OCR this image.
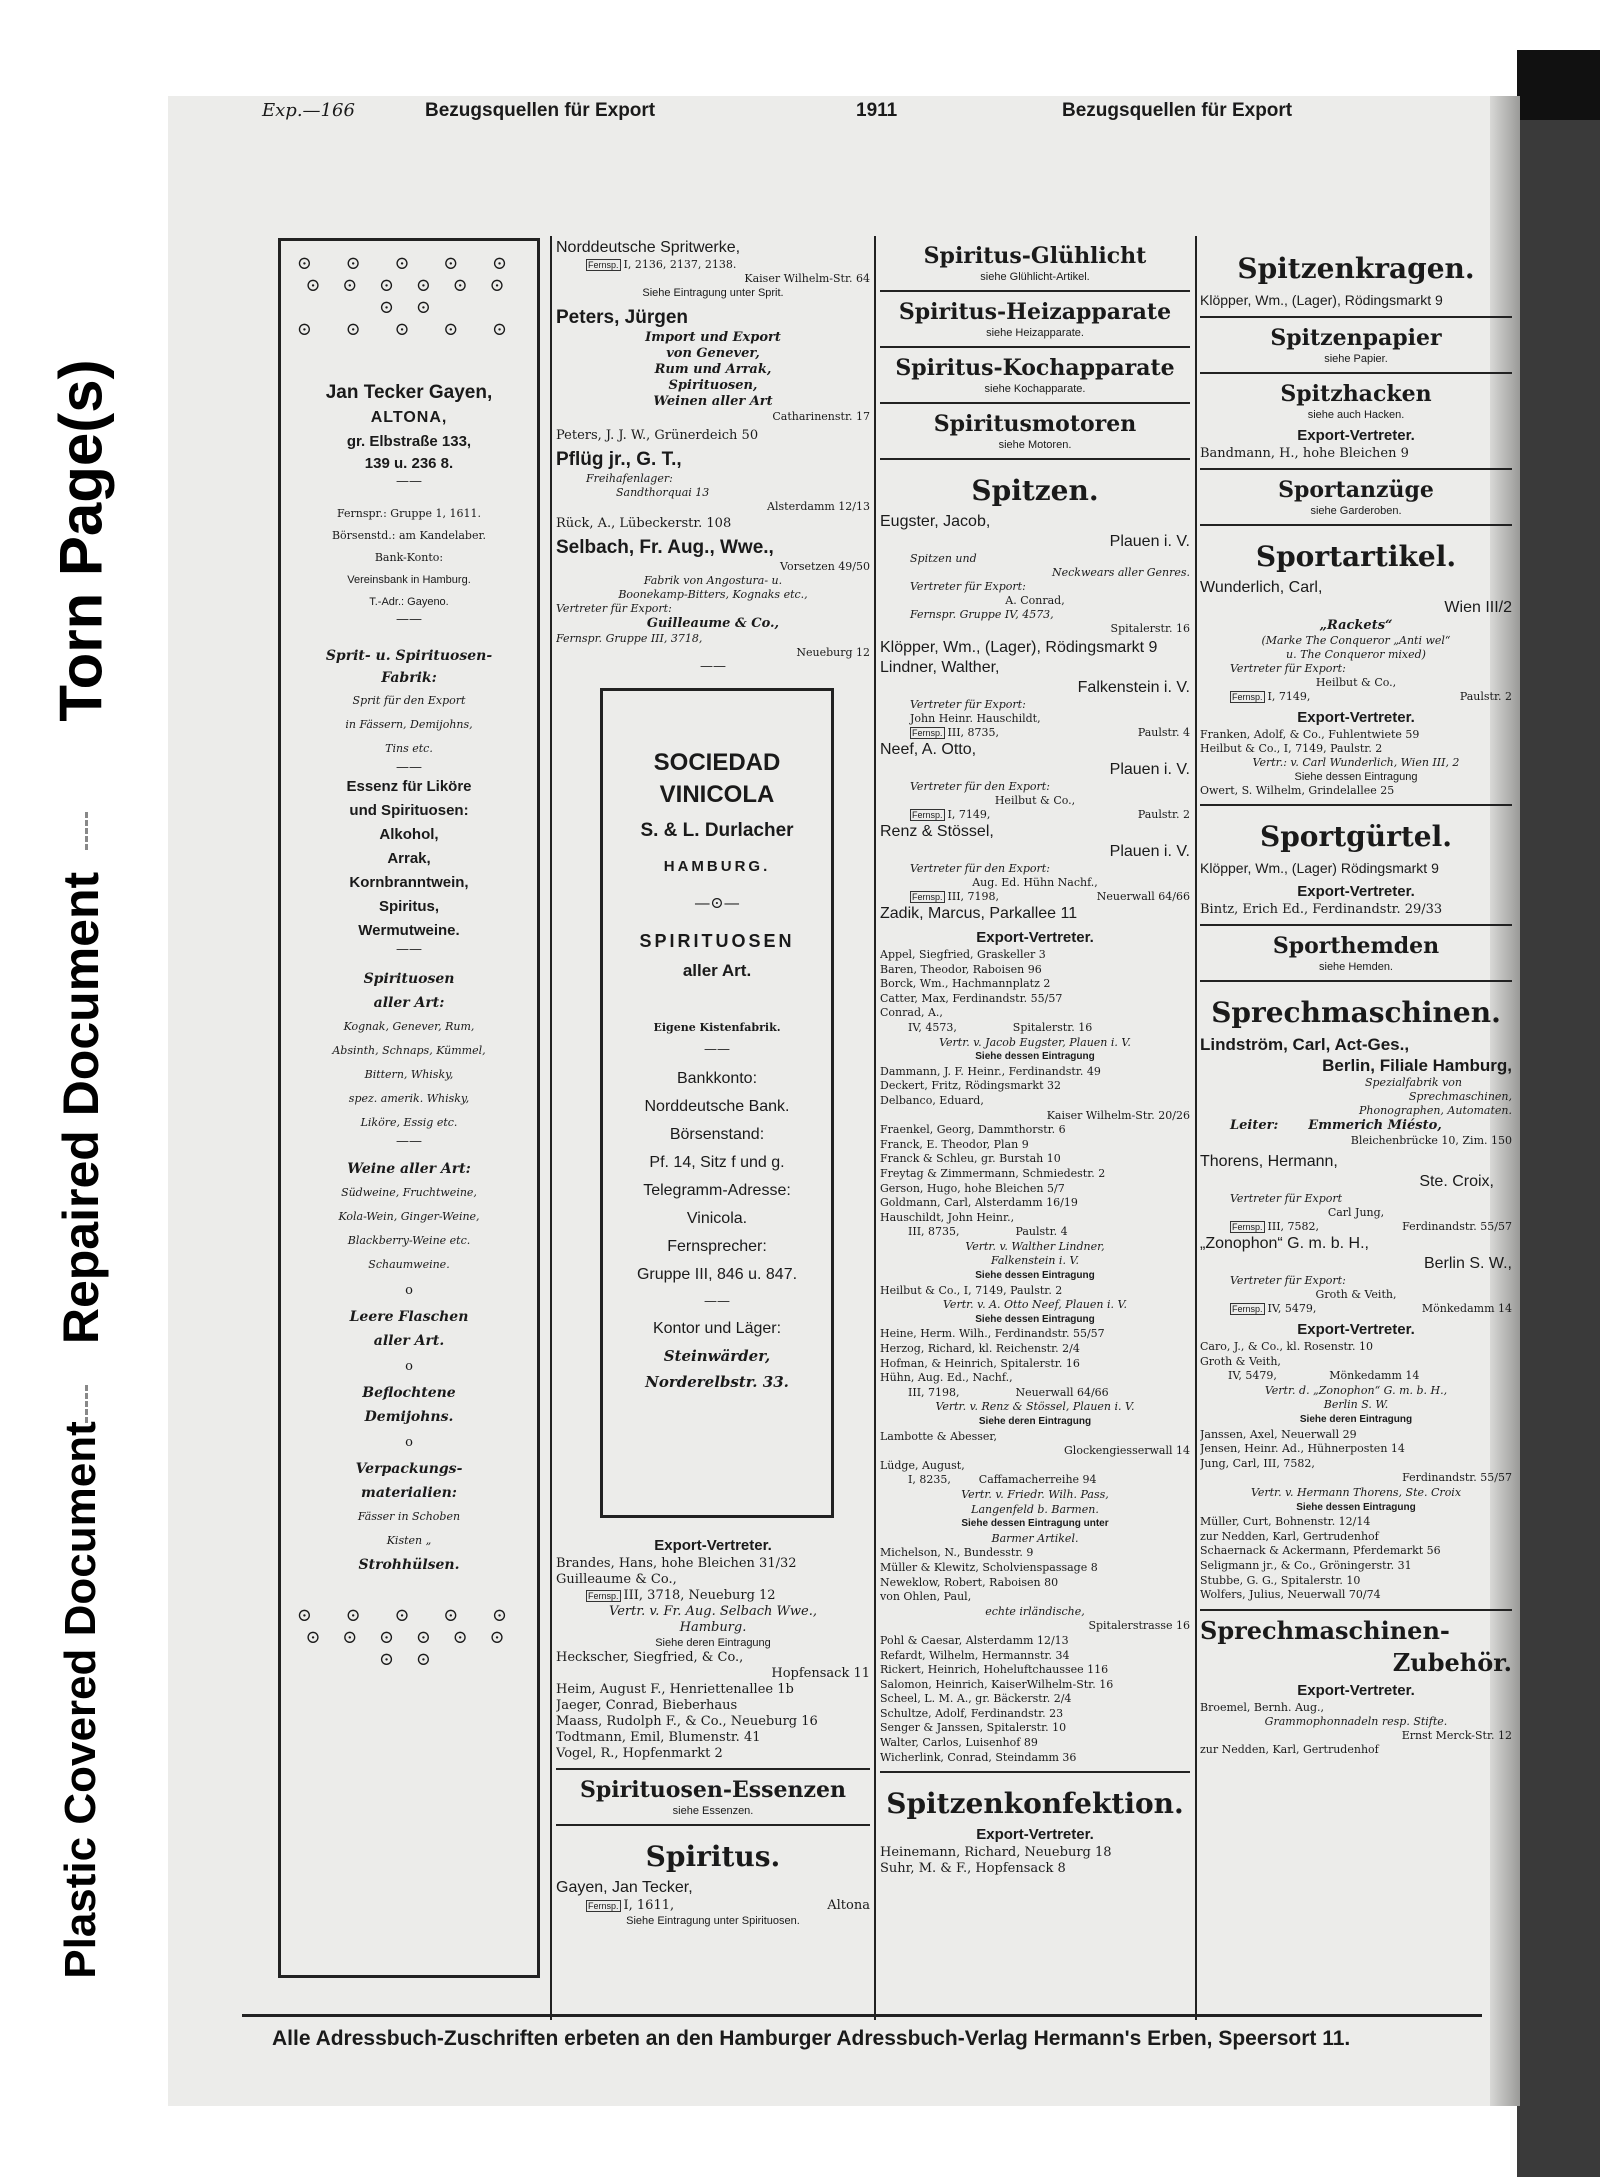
Torn Page(s)
Repaired Document
Plastic Covered Document
Exp.—166	Bezugsquellen für Export	1911	Bezugsquellen für Export
⊙ ⊙ ⊙ ⊙ ⊙
⊙ ⊙ ⊙ ⊙ ⊙ ⊙ ⊙ ⊙
⊙ ⊙ ⊙ ⊙ ⊙
Jan Tecker Gayen,
ALTONA,
gr. Elbstraße 133,
139 u. 236 8.
——
Fernspr.: Gruppe 1, 1611.
Börsenstd.: am Kandelaber.
Bank-Konto:
Vereinsbank in Hamburg.
T.-Adr.: Gayeno.
——
Sprit- u. Spirituosen-
Fabrik:
Sprit für den Export
in Fässern, Demijohns,
Tins etc.
——
Essenz für Liköre
und Spirituosen:
Alkohol,
Arrak,
Kornbranntwein,
Spiritus,
Wermutweine.
——
Spirituosen
aller Art:
Kognak, Genever, Rum,
Absinth, Schnaps, Kümmel,
Bittern, Whisky,
spez. amerik. Whisky,
Liköre, Essig etc.
——
Weine aller Art:
Südweine, Fruchtweine,
Kola-Wein, Ginger-Weine,
Blackberry-Weine etc.
Schaumweine.
o
Leere Flaschen
aller Art.
o
Beflochtene
Demijohns.
o
Verpackungs-
materialien:
Fässer in Schoben
Kisten „
Strohhülsen.
⊙ ⊙ ⊙ ⊙ ⊙
⊙ ⊙ ⊙ ⊙ ⊙ ⊙ ⊙ ⊙
Norddeutsche Spritwerke,
Fernsp. I, 2136, 2137, 2138.
Kaiser Wilhelm-Str. 64
Siehe Eintragung unter Sprit.
Peters, Jürgen
Import und Export
von Genever,
Rum und Arrak,
Spirituosen,
Weinen aller Art
Catharinenstr. 17
Peters, J. J. W., Grünerdeich 50
Pflüg jr., G. T.,
Freihafenlager:
Sandthorquai 13
Alsterdamm 12/13
Rück, A., Lübeckerstr. 108
Selbach, Fr. Aug., Wwe.,
Vorsetzen 49/50
Fabrik von Angostura- u.
Boonekamp-Bitters, Kognaks etc.,
Vertreter für Export:
Guilleaume & Co.,
Fernspr. Gruppe III, 3718,
Neueburg 12
——
SOCIEDAD VINICOLA
S. & L. Durlacher
HAMBURG.
—⊙—
SPIRITUOSEN
aller Art.
Eigene Kistenfabrik.
——
Bankkonto:
Norddeutsche Bank.
Börsenstand:
Pf. 14, Sitz f und g.
Telegramm-Adresse:
Vinicola.
Fernsprecher:
Gruppe III, 846 u. 847.
——
Kontor und Läger:
Steinwärder,
Norderelbstr. 33.
Export-Vertreter.
Brandes, Hans, hohe Bleichen 31/32
Guilleaume & Co.,
Fernsp. III, 3718, Neueburg 12
Vertr. v. Fr. Aug. Selbach Wwe.,
Hamburg.
Siehe deren Eintragung
Heckscher, Siegfried, & Co.,
Hopfensack 11
Heim, August F., Henriettenallee 1b
Jaeger, Conrad, Bieberhaus
Maass, Rudolph F., & Co., Neueburg 16
Todtmann, Emil, Blumenstr. 41
Vogel, R., Hopfenmarkt 2
Spirituosen-Essenzen
siehe Essenzen.
Spiritus.
Gayen, Jan Tecker,
Fernsp. I, 1611,	Altona
Siehe Eintragung unter Spirituosen.
Spiritus-Glühlicht
siehe Glühlicht-Artikel.
Spiritus-Heizapparate
siehe Heizapparate.
Spiritus-Kochapparate
siehe Kochapparate.
Spiritusmotoren
siehe Motoren.
Spitzen.
Eugster, Jacob,
Plauen i. V.
Spitzen und
Neckwears aller Genres.
Vertreter für Export:
A. Conrad,
Fernspr. Gruppe IV, 4573,
Spitalerstr. 16
Klöpper, Wm., (Lager), Rödingsmarkt 9
Lindner, Walther,
Falkenstein i. V.
Vertreter für Export:
John Heinr. Hauschildt,
Fernsp. III, 8735,	Paulstr. 4
Neef, A. Otto,
Plauen i. V.
Vertreter für den Export:
Heilbut & Co.,
Fernsp. I, 7149,	Paulstr. 2
Renz & Stössel,
Plauen i. V.
Vertreter für den Export:
Aug. Ed. Hühn Nachf.,
Fernsp. III, 7198,	Neuerwall 64/66
Zadik, Marcus, Parkallee 11
Export-Vertreter.
Appel, Siegfried, Graskeller 3
Baren, Theodor, Raboisen 96
Borck, Wm., Hachmannplatz 2
Catter, Max, Ferdinandstr. 55/57
Conrad, A.,
IV, 4573,                Spitalerstr. 16
Vertr. v. Jacob Eugster, Plauen i. V.
Siehe dessen Eintragung
Dammann, J. F. Heinr., Ferdinandstr. 49
Deckert, Fritz, Rödingsmarkt 32
Delbanco, Eduard,
Kaiser Wilhelm-Str. 20/26
Fraenkel, Georg, Dammthorstr. 6
Franck, E. Theodor, Plan 9
Franck & Schleu, gr. Burstah 10
Freytag & Zimmermann, Schmiedestr. 2
Gerson, Hugo, hohe Bleichen 5/7
Goldmann, Carl, Alsterdamm 16/19
Hauschildt, John Heinr.,
III, 8735,                Paulstr. 4
Vertr. v. Walther Lindner,
Falkenstein i. V.
Siehe dessen Eintragung
Heilbut & Co., I, 7149, Paulstr. 2
Vertr. v. A. Otto Neef, Plauen i. V.
Siehe dessen Eintragung
Heine, Herm. Wilh., Ferdinandstr. 55/57
Herzog, Richard, kl. Reichenstr. 2/4
Hofman, & Heinrich, Spitalerstr. 16
Hühn, Aug. Ed., Nachf.,
III, 7198,                Neuerwall 64/66
Vertr. v. Renz & Stössel, Plauen i. V.
Siehe deren Eintragung
Lambotte & Abesser,
Glockengiesserwall 14
Lüdge, August,
I, 8235,        Caffamacherreihe 94
Vertr. v. Friedr. Wilh. Pass,
Langenfeld b. Barmen.
Siehe dessen Eintragung unter
Barmer Artikel.
Michelson, N., Bundesstr. 9
Müller & Klewitz, Scholvienspassage 8
Neweklow, Robert, Raboisen 80
von Ohlen, Paul,
echte irländische,
Spitalerstrasse 16
Pohl & Caesar, Alsterdamm 12/13
Refardt, Wilhelm, Hermannstr. 34
Rickert, Heinrich, Hoheluftchaussee 116
Salomon, Heinrich, KaiserWilhelm-Str. 16
Scheel, L. M. A., gr. Bäckerstr. 2/4
Schultze, Adolf, Ferdinandstr. 23
Senger & Janssen, Spitalerstr. 10
Walter, Carlos, Luisenhof 89
Wicherlink, Conrad, Steindamm 36
Spitzenkonfektion.
Export-Vertreter.
Heinemann, Richard, Neueburg 18
Suhr, M. & F., Hopfensack 8
Spitzenkragen.
Klöpper, Wm., (Lager), Rödingsmarkt 9
Spitzenpapier
siehe Papier.
Spitzhacken
siehe auch Hacken.
Export-Vertreter.
Bandmann, H., hohe Bleichen 9
Sportanzüge
siehe Garderoben.
Sportartikel.
Wunderlich, Carl,
Wien III/2
„Rackets“
(Marke The Conqueror „Anti wel“
u. The Conqueror mixed)
Vertreter für Export:
Heilbut & Co.,
Fernsp. I, 7149,	Paulstr. 2
Export-Vertreter.
Franken, Adolf, & Co., Fuhlentwiete 59
Heilbut & Co., I, 7149, Paulstr. 2
Vertr.: v. Carl Wunderlich, Wien III, 2
Siehe dessen Eintragung
Owert, S. Wilhelm, Grindelallee 25
Sportgürtel.
Klöpper, Wm., (Lager) Rödingsmarkt 9
Export-Vertreter.
Bintz, Erich Ed., Ferdinandstr. 29/33
Sporthemden
siehe Hemden.
Sprechmaschinen.
Lindström, Carl, Act-Ges.,
Berlin, Filiale Hamburg,
Spezialfabrik von
Sprechmaschinen,
Phonographen, Automaten.
Leiter: Emmerich Miésto,
Bleichenbrücke 10, Zim. 150
Thorens, Hermann,
Ste. Croix,
Vertreter für Export
Carl Jung,
Fernsp. III, 7582,	Ferdinandstr. 55/57
„Zonophon“ G. m. b. H.,
Berlin S. W.,
Vertreter für Export:
Groth & Veith,
Fernsp. IV, 5479,	Mönkedamm 14
Export-Vertreter.
Caro, J., & Co., kl. Rosenstr. 10
Groth & Veith,
IV, 5479,               Mönkedamm 14
Vertr. d. „Zonophon“ G. m. b. H.,
Berlin S. W.
Siehe deren Eintragung
Janssen, Axel, Neuerwall 29
Jensen, Heinr. Ad., Hühnerposten 14
Jung, Carl, III, 7582,
Ferdinandstr. 55/57
Vertr. v. Hermann Thorens, Ste. Croix
Siehe dessen Eintragung
Müller, Curt, Bohnenstr. 12/14
zur Nedden, Karl, Gertrudenhof
Schaernack & Ackermann, Pferdemarkt 56
Seligmann jr., & Co., Gröningerstr. 31
Stubbe, G. G., Spitalerstr. 10
Wolfers, Julius, Neuerwall 70/74
Sprechmaschinen-
Zubehör.
Export-Vertreter.
Broemel, Bernh. Aug.,
Grammophonnadeln resp. Stifte.
Ernst Merck-Str. 12
zur Nedden, Karl, Gertrudenhof
Alle Adressbuch-Zuschriften erbeten an den Hamburger Adressbuch-Verlag Hermann's Erben, Speersort 11.
